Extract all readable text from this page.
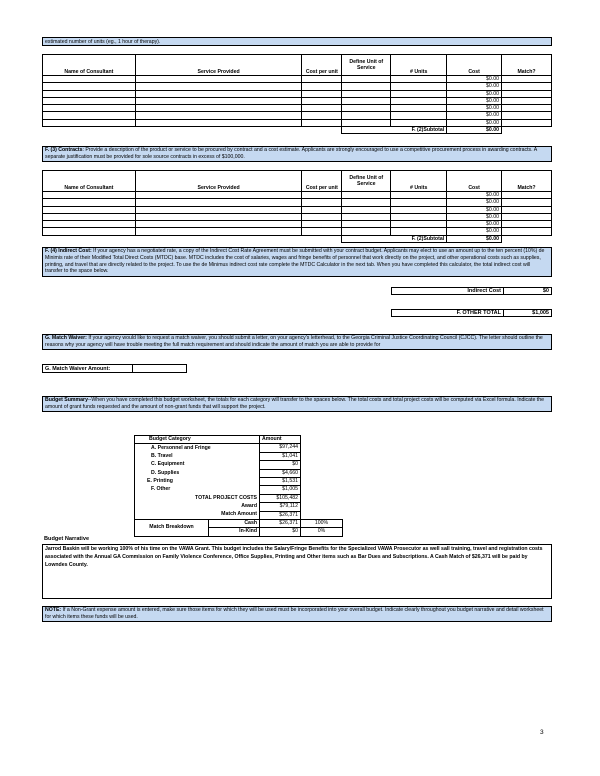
estimated number of units (eg., 1 hour of therapy).
Name of Consultant	Service Provided	Cost per unit	Define Unit of Service	# Units	Cost	Match?
					$0.00	
					$0.00	
					$0.00	
					$0.00	
					$0.00	
					$0.00	
					$0.00	
			F. (2)Subtotal		$0.00	
F. (3) Contracts: Provide a description of the product or service to be procured by contract and a cost estimate. Applicants are strongly encouraged to use a competitive procurement process in awarding contracts. A separate justification must be provided for sole source contracts in excess of $100,000.
Name of Consultant	Service Provided	Cost per unit	Define Unit of Service	# Units	Cost	Match?
					$0.00	
					$0.00	
					$0.00	
					$0.00	
					$0.00	
					$0.00	
			F. (2)Subtotal		$0.00	
F. (4) Indirect Cost: If your agency has a negotiated rate, a copy of the Indirect Cost Rate Agreement must be submitted with your contract budget. Applicants may elect to use an amount up to the ten percent (10%) de Minimis rate of their Modified Total Direct Costs (MTDC) base. MTDC includes the cost of salaries, wages and fringe benefits of personnel that work directly on the project, and other operational costs such as supplies, printing, and travel that are directly related to the project. To use the de Minimus indirect cost rate complete the MTDC Calculator in the next tab. When you have completed this calculator, the total indirect cost will transfer to the space below.
Indirect Cost	$0
F. OTHER TOTAL	$1,005
G. Match Waiver: If your agency would like to request a match waiver, you should submit a letter, on your agency's letterhead, to the Georgia Criminal Justice Coordinating Council (CJCC). The letter should outline the reasons why your agency will have trouble meeting the full match requirement and should indicate the amount of match you are able to provide for
G. Match Waiver Amount:
Budget Summary--When you have completed this budget worksheet, the totals for each category will transfer to the spaces below. The total costs and total project costs will be computed via Excel formula. Indicate the amount of grant funds requested and the amount of non-grant funds that will support the project.
Budget Category		Amount	
A. Personnel and Fringe		$97,244	
B. Travel		$1,041	
C. Equipment		$0	
D. Supplies		$4,660	
E. Printing		$1,531	
F. Other		$1,005	
TOTAL PROJECT COSTS		$105,482	
Award		$79,112	
Match Amount		$26,371	
Match Breakdown	Cash	$26,371	100%
	In-Kind	$0	0%
Budget Narrative
Jarrod Baskin will be working 100% of his time on the VAWA Grant. This budget includes the Salary/Fringe Benefits for the Specialized VAWA Prosecutor as well sall training, travel and registration costs associated with the Annual GA Commission on Family Violence Conference, Office Supplies, Printing and Other items such as Bar Dues and Subscriptions. A Cash Match of $26,371 will be paid by Lowndes County.
NOTE: If a Non-Grant expense amount is entered, make sure those items for which they will be used must be incorporated into your overall budget. Indicate clearly throughout you budget narrative and detail worksheet for which items these funds will be used.
3
